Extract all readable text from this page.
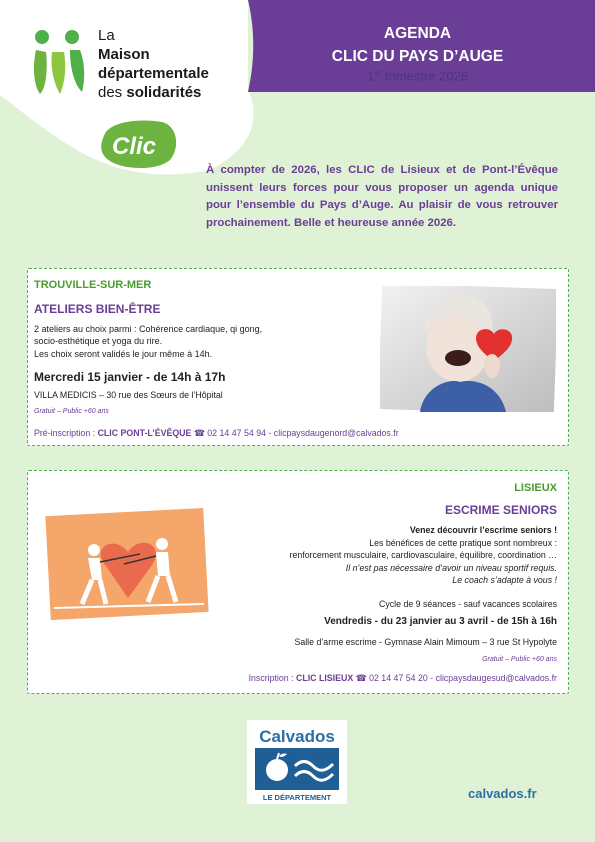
La
Maison
départementale
des solidarités
Clic
AGENDA
CLIC DU PAYS D’AUGE
1er trimestre 2026
À compter de 2026, les CLIC de Lisieux et de Pont-l’Évêque unissent leurs forces pour vous proposer un agenda unique pour l’ensemble du Pays d’Auge. Au plaisir de vous retrouver prochainement. Belle et heureuse année 2026.
TROUVILLE-SUR-MER
ATELIERS BIEN-ÊTRE
2 ateliers au choix parmi : Cohérence cardiaque, qi gong,
socio-esthétique et yoga du rire.
Les choix seront validés le jour même à 14h.
Mercredi 15 janvier - de 14h à 17h
VILLA MEDICIS – 30 rue des Sœurs de l’Hôpital
Gratuit – Public +60 ans
Pré-inscription : CLIC PONT-L’ÉVÊQUE ☎ 02 14 47 54 94 - clicpaysdaugenord@calvados.fr
LISIEUX
ESCRIME SENIORS
Venez découvrir l’escrime seniors !
Les bénéfices de cette pratique sont nombreux :
renforcement musculaire, cardiovasculaire, équilibre, coordination …
Il n’est pas nécessaire d’avoir un niveau sportif requis.
Le coach s’adapte à vous !
Cycle de 9 séances - sauf vacances scolaires
Vendredis - du 23 janvier au 3 avril - de 15h à 16h
Salle d’arme escrime - Gymnase Alain Mimoum – 3 rue St Hypolyte
Gratuit – Public +60 ans
Inscription : CLIC LISIEUX ☎ 02 14 47 54 20 - clicpaysdaugesud@calvados.fr
Calvados
LE DÉPARTEMENT	calvados.fr
